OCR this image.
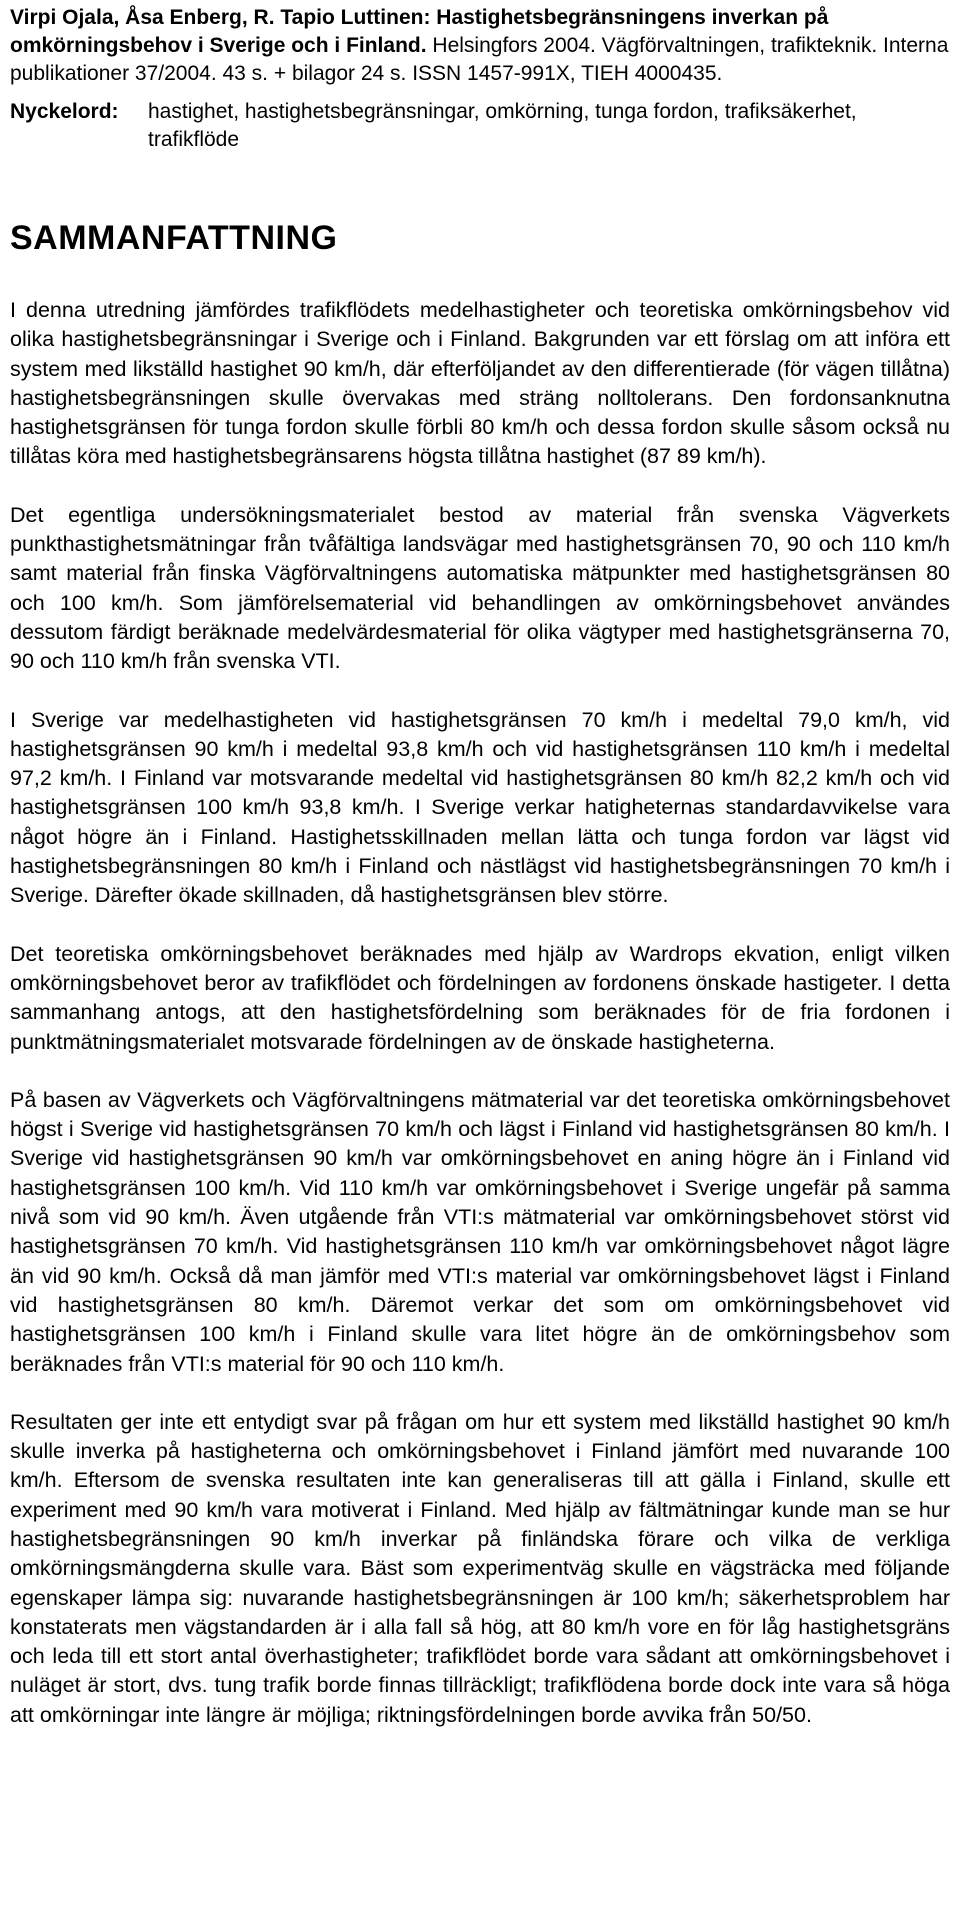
Virpi Ojala, Åsa Enberg, R. Tapio Luttinen: Hastighetsbegränsningens inverkan på omkörningsbehov i Sverige och i Finland. Helsingfors 2004. Vägförvaltningen, trafikteknik. Interna publikationer 37/2004. 43 s. + bilagor 24 s. ISSN 1457-991X, TIEH 4000435.
Nyckelord:	hastighet, hastighetsbegränsningar, omkörning, tunga fordon, trafiksäkerhet, trafikflöde
SAMMANFATTNING

I denna utredning jämfördes trafikflödets medelhastigheter och teoretiska omkörningsbehov vid olika hastighetsbegränsningar i Sverige och i Finland. Bakgrunden var ett förslag om att införa ett system med likställd hastighet 90 km/h, där efterföljandet av den differentierade (för vägen tillåtna) hastighetsbegränsningen skulle övervakas med sträng nolltolerans. Den fordonsanknutna hastighetsgränsen för tunga fordon skulle förbli 80 km/h och dessa fordon skulle såsom också nu tillåtas köra med hastighetsbegränsarens högsta tillåtna hastighet (87 89 km/h).

Det egentliga undersökningsmaterialet bestod av material från svenska Vägverkets punkthastighetsmätningar från tvåfältiga landsvägar med hastighetsgränsen 70, 90 och 110 km/h samt material från finska Vägförvaltningens automatiska mätpunkter med hastighetsgränsen 80 och 100 km/h. Som jämförelsematerial vid behandlingen av omkörningsbehovet användes dessutom färdigt beräknade medelvärdesmaterial för olika vägtyper med hastighetsgränserna 70, 90 och 110 km/h från svenska VTI.

I Sverige var medelhastigheten vid hastighetsgränsen 70 km/h i medeltal 79,0 km/h, vid hastighetsgränsen 90 km/h i medeltal 93,8 km/h och vid hastighetsgränsen 110 km/h i medeltal 97,2 km/h. I Finland var motsvarande medeltal vid hastighetsgränsen 80 km/h 82,2 km/h och vid hastighetsgränsen 100 km/h 93,8 km/h. I Sverige verkar hatigheternas standardavvikelse vara något högre än i Finland. Hastighetsskillnaden mellan lätta och tunga fordon var lägst vid hastighetsbegränsningen 80 km/h i Finland och nästlägst vid hastighetsbegränsningen 70 km/h i Sverige. Därefter ökade skillnaden, då hastighetsgränsen blev större.

Det teoretiska omkörningsbehovet beräknades med hjälp av Wardrops ekvation, enligt vilken omkörningsbehovet beror av trafikflödet och fördelningen av fordonens önskade hastigeter. I detta sammanhang antogs, att den hastighetsfördelning som beräknades för de fria fordonen i punktmätningsmaterialet motsvarade fördelningen av de önskade hastigheterna.

På basen av Vägverkets och Vägförvaltningens mätmaterial var det teoretiska omkörningsbehovet högst i Sverige vid hastighetsgränsen 70 km/h och lägst i Finland vid hastighetsgränsen 80 km/h. I Sverige vid hastighetsgränsen 90 km/h var omkörningsbehovet en aning högre än i Finland vid hastighetsgränsen 100 km/h. Vid 110 km/h var omkörningsbehovet i Sverige ungefär på samma nivå som vid 90 km/h. Även utgående från VTI:s mätmaterial var omkörningsbehovet störst vid hastighetsgränsen 70 km/h. Vid hastighetsgränsen 110 km/h var omkörningsbehovet något lägre än vid 90 km/h. Också då man jämför med VTI:s material var omkörningsbehovet lägst i Finland vid hastighetsgränsen 80 km/h. Däremot verkar det som om omkörningsbehovet vid hastighetsgränsen 100 km/h i Finland skulle vara litet högre än de omkörningsbehov som beräknades från VTI:s material för 90 och 110 km/h.

Resultaten ger inte ett entydigt svar på frågan om hur ett system med likställd hastighet 90 km/h skulle inverka på hastigheterna och omkörningsbehovet i Finland jämfört med nuvarande 100 km/h. Eftersom de svenska resultaten inte kan generaliseras till att gälla i Finland, skulle ett experiment med 90 km/h vara motiverat i Finland. Med hjälp av fältmätningar kunde man se hur hastighetsbegränsningen 90 km/h inverkar på finländska förare och vilka de verkliga omkörningsmängderna skulle vara. Bäst som experimentväg skulle en vägsträcka med följande egenskaper lämpa sig: nuvarande hastighetsbegränsningen är 100 km/h; säkerhetsproblem har konstaterats men vägstandarden är i alla fall så hög, att 80 km/h vore en för låg hastighetsgräns och leda till ett stort antal överhastigheter; trafikflödet borde vara sådant att omkörningsbehovet i nuläget är stort, dvs. tung trafik borde finnas tillräckligt; trafikflödena borde dock inte vara så höga att omkörningar inte längre är möjliga; riktningsfördelningen borde avvika från 50/50.
